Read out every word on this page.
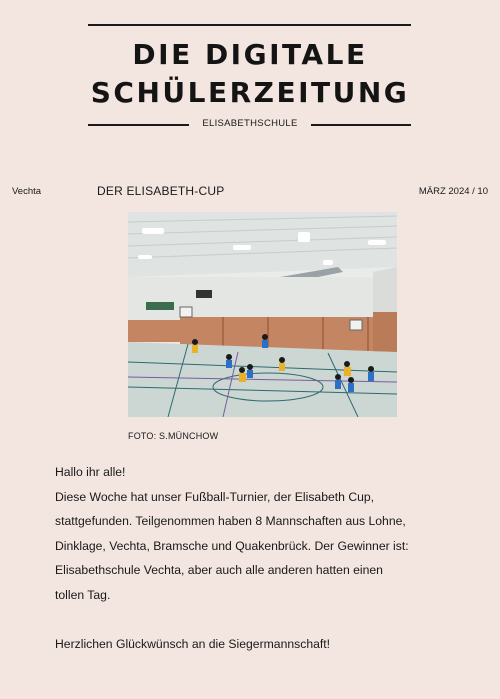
DIE DIGITALE
SCHÜLERZEITUNG
ELISABETHSCHULE
Vechta	DER ELISABETH-CUP	MÄRZ 2024 / 10
FOTO: S.MÜNCHOW

Hallo ihr alle!

Diese Woche hat unser Fußball-Turnier, der Elisabeth Cup,

stattgefunden. Teilgenommen haben 8 Mannschaften aus Lohne,

Dinklage, Vechta, Bramsche und Quakenbrück. Der Gewinner ist:

Elisabethschule Vechta, aber auch alle anderen hatten einen

tollen Tag.

Herzlichen Glückwünsch an die Siegermannschaft!
